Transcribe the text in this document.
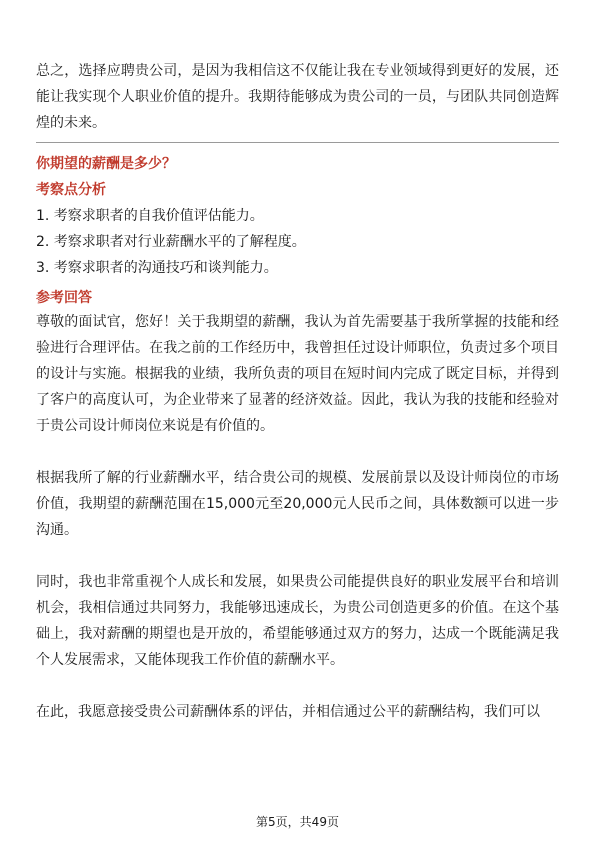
总之，选择应聘贵公司，是因为我相信这不仅能让我在专业领域得到更好的发展，还能让我实现个人职业价值的提升。我期待能够成为贵公司的一员，与团队共同创造辉煌的未来。

你期望的薪酬是多少？
考察点分析
1. 考察求职者的自我价值评估能力。
2. 考察求职者对行业薪酬水平的了解程度。
3. 考察求职者的沟通技巧和谈判能力。
参考回答

尊敬的面试官，您好！关于我期望的薪酬，我认为首先需要基于我所掌握的技能和经验进行合理评估。在我之前的工作经历中，我曾担任过设计师职位，负责过多个项目的设计与实施。根据我的业绩，我所负责的项目在短时间内完成了既定目标，并得到了客户的高度认可，为企业带来了显著的经济效益。因此，我认为我的技能和经验对于贵公司设计师岗位来说是有价值的。

根据我所了解的行业薪酬水平，结合贵公司的规模、发展前景以及设计师岗位的市场价值，我期望的薪酬范围在15,000元至20,000元人民币之间，具体数额可以进一步沟通。

同时，我也非常重视个人成长和发展，如果贵公司能提供良好的职业发展平台和培训机会，我相信通过共同努力，我能够迅速成长，为贵公司创造更多的价值。在这个基础上，我对薪酬的期望也是开放的，希望能够通过双方的努力，达成一个既能满足我个人发展需求，又能体现我工作价值的薪酬水平。

在此，我愿意接受贵公司薪酬体系的评估，并相信通过公平的薪酬结构，我们可以

第5页，共49页
